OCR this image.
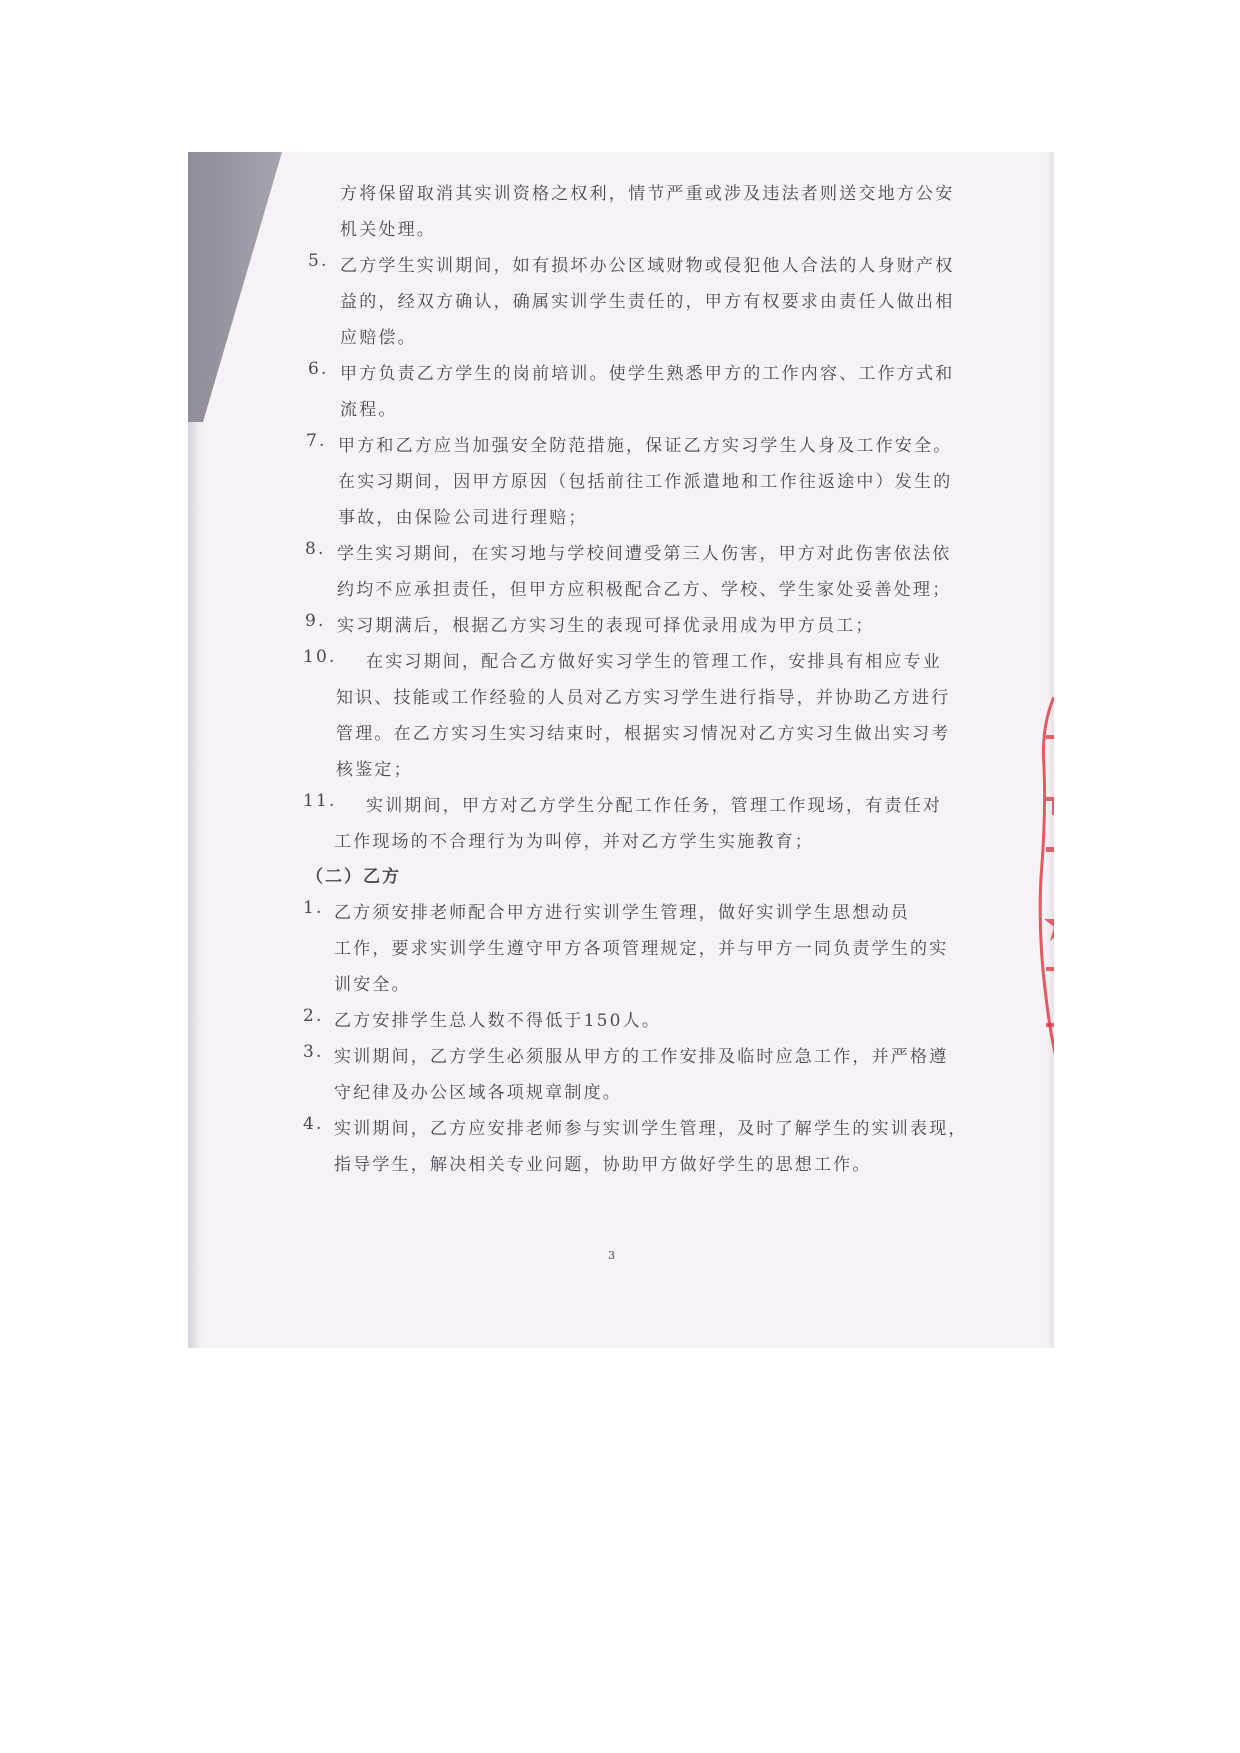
方将保留取消其实训资格之权利，情节严重或涉及违法者则送交地方公安
机关处理。
5. 乙方学生实训期间，如有损坏办公区域财物或侵犯他人合法的人身财产权
益的，经双方确认，确属实训学生责任的，甲方有权要求由责任人做出相
应赔偿。
6. 甲方负责乙方学生的岗前培训。使学生熟悉甲方的工作内容、工作方式和
流程。
7. 甲方和乙方应当加强安全防范措施，保证乙方实习学生人身及工作安全。
在实习期间，因甲方原因（包括前往工作派遣地和工作往返途中）发生的
事故，由保险公司进行理赔；
8. 学生实习期间，在实习地与学校间遭受第三人伤害，甲方对此伤害依法依
约均不应承担责任，但甲方应积极配合乙方、学校、学生家处妥善处理；
9. 实习期满后，根据乙方实习生的表现可择优录用成为甲方员工；
10. 在实习期间，配合乙方做好实习学生的管理工作，安排具有相应专业
知识、技能或工作经验的人员对乙方实习学生进行指导，并协助乙方进行
管理。在乙方实习生实习结束时，根据实习情况对乙方实习生做出实习考
核鉴定；
11. 实训期间，甲方对乙方学生分配工作任务，管理工作现场，有责任对
工作现场的不合理行为为叫停，并对乙方学生实施教育；
（二）乙方
1. 乙方须安排老师配合甲方进行实训学生管理，做好实训学生思想动员
工作，要求实训学生遵守甲方各项管理规定，并与甲方一同负责学生的实
训安全。
2. 乙方安排学生总人数不得低于150人。
3. 实训期间，乙方学生必须服从甲方的工作安排及临时应急工作，并严格遵
守纪律及办公区域各项规章制度。
4. 实训期间，乙方应安排老师参与实训学生管理，及时了解学生的实训表现，
指导学生，解决相关专业问题，协助甲方做好学生的思想工作。
3
